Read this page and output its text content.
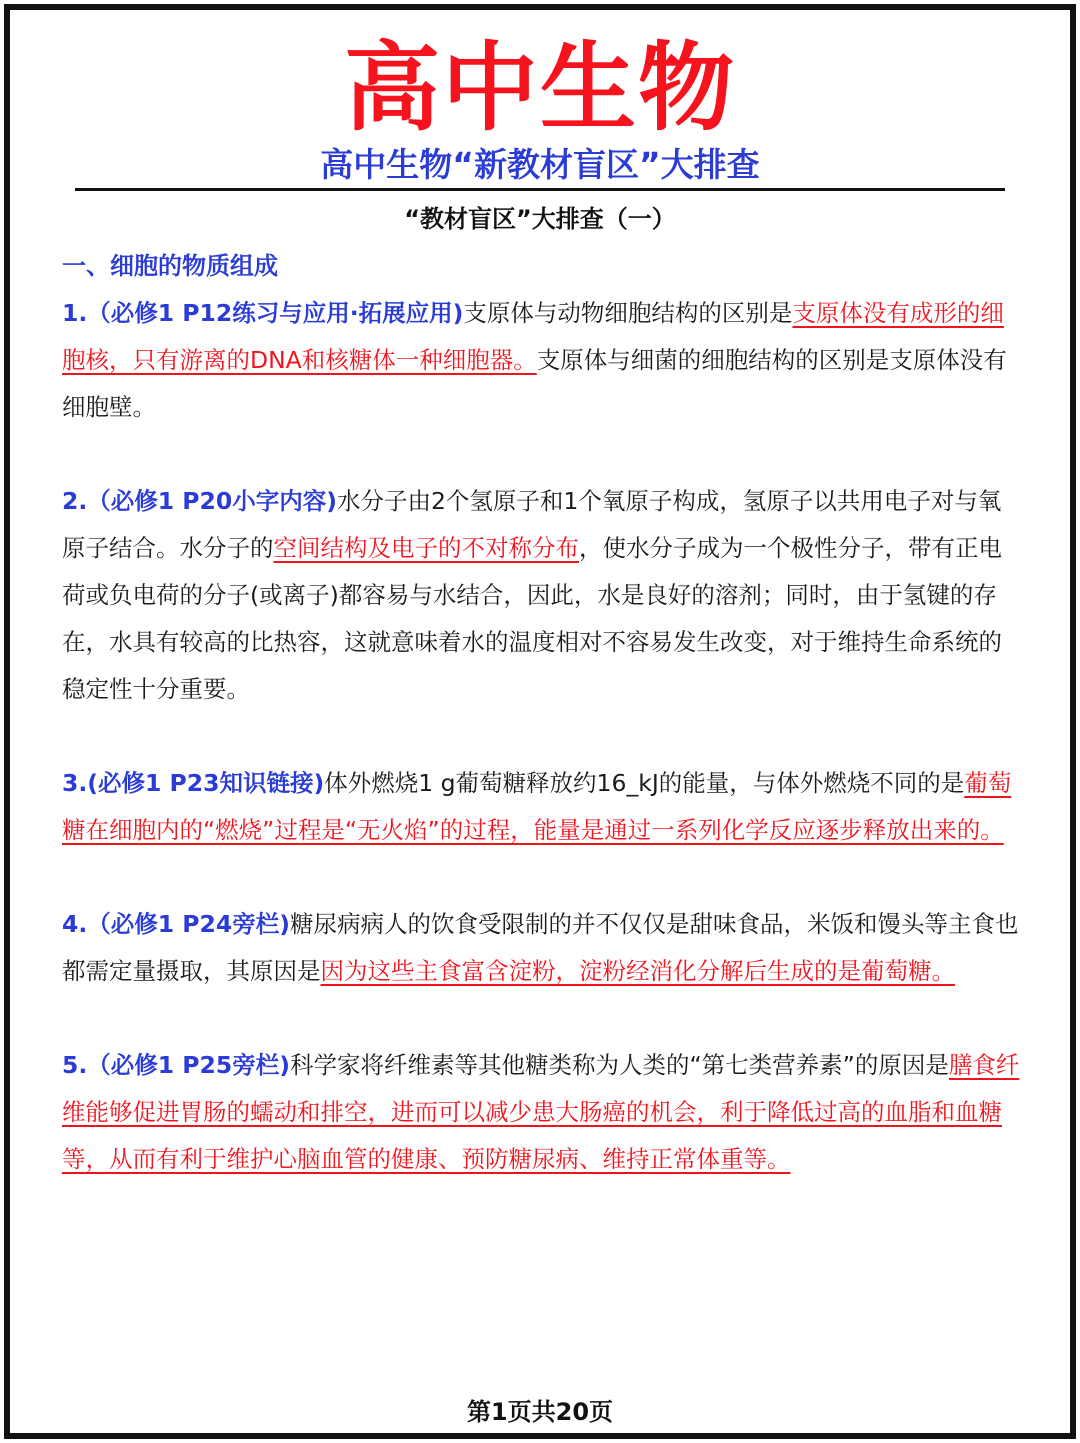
高中生物
高中生物“新教材盲区”大排查
“教材盲区”大排查（一）
一、细胞的物质组成
1.（必修1 P12练习与应用·拓展应用)支原体与动物细胞结构的区别是支原体没有成形的细胞核，只有游离的DNA和核糖体一种细胞器。支原体与细菌的细胞结构的区别是支原体没有细胞壁。
2.（必修1 P20小字内容)水分子由2个氢原子和1个氧原子构成，氢原子以共用电子对与氧原子结合。水分子的空间结构及电子的不对称分布，使水分子成为一个极性分子，带有正电荷或负电荷的分子(或离子)都容易与水结合，因此，水是良好的溶剂；同时，由于氢键的存在，水具有较高的比热容，这就意味着水的温度相对不容易发生改变，对于维持生命系统的稳定性十分重要。
3.(必修1 P23知识链接)体外燃烧1 g葡萄糖释放约16_kJ的能量，与体外燃烧不同的是葡萄糖在细胞内的“燃烧”过程是“无火焰”的过程，能量是通过一系列化学反应逐步释放出来的。
4.（必修1 P24旁栏)糖尿病病人的饮食受限制的并不仅仅是甜味食品，米饭和馒头等主食也都需定量摄取，其原因是因为这些主食富含淀粉，淀粉经消化分解后生成的是葡萄糖。
5.（必修1 P25旁栏)科学家将纤维素等其他糖类称为人类的“第七类营养素”的原因是膳食纤维能够促进胃肠的蠕动和排空，进而可以减少患大肠癌的机会，利于降低过高的血脂和血糖等，从而有利于维护心脑血管的健康、预防糖尿病、维持正常体重等。
第1页共20页
